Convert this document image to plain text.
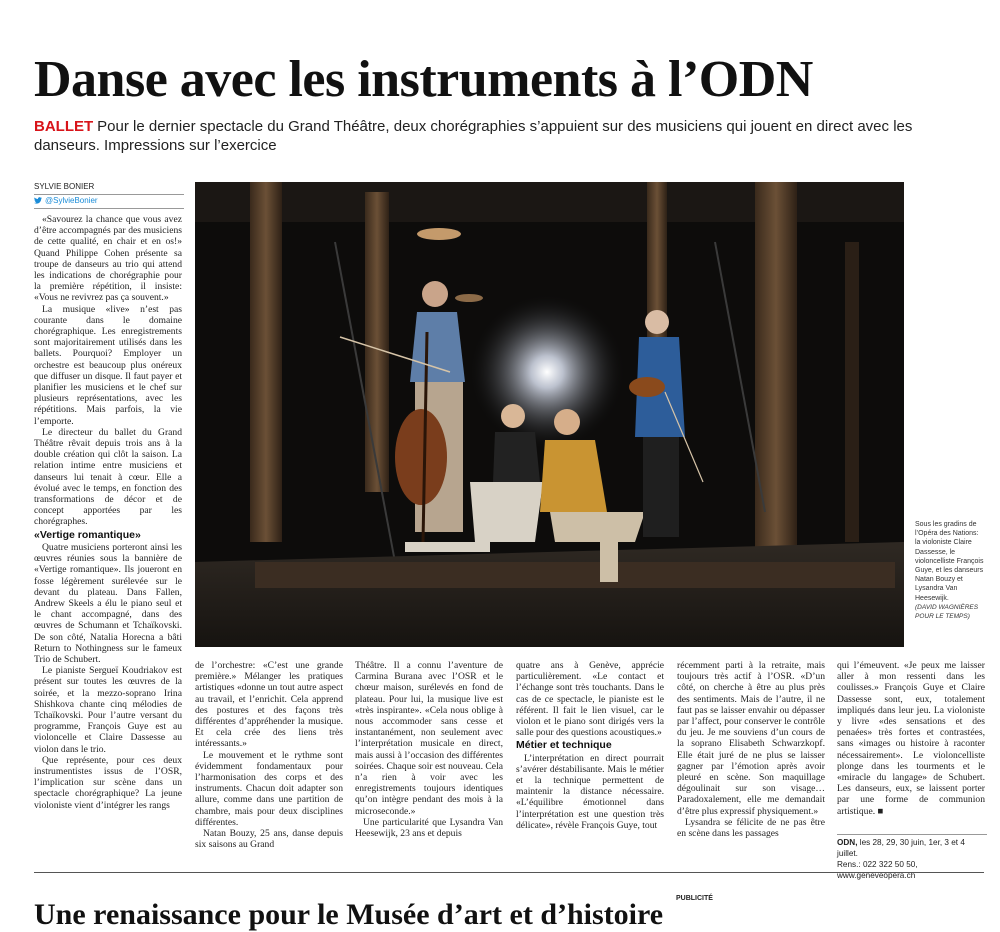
Danse avec les instruments à l’ODN
BALLET Pour le dernier spectacle du Grand Théâtre, deux chorégraphies s’appuient sur des musiciens qui jouent en direct avec les danseurs. Impressions sur l’exercice
SYLVIE BONIER
@SylvieBonier

«Savourez la chance que vous avez d’être accompagnés par des musiciens de cette qualité, en chair et en os!» Quand Philippe Cohen présente sa troupe de danseurs au trio qui attend les indications de chorégraphie pour la première répétition, il insiste: «Vous ne revivrez pas ça souvent.»

La musique «live» n’est pas courante dans le domaine chorégraphique. Les enregistrements sont majoritairement utilisés dans les ballets. Pourquoi? Employer un orchestre est beaucoup plus onéreux que diffuser un disque. Il faut payer et planifier les musiciens et le chef sur plusieurs représentations, avec les répétitions. Mais parfois, la vie l’emporte.

Le directeur du ballet du Grand Théâtre rêvait depuis trois ans à la double création qui clôt la saison. La relation intime entre musiciens et danseurs lui tenait à cœur. Elle a évolué avec le temps, en fonction des transformations de décor et de concept apportées par les chorégraphes.

«Vertige romantique»

Quatre musiciens porteront ainsi les œuvres réunies sous la bannière de «Vertige romantique». Ils joueront en fosse légèrement surélevée sur le devant du plateau. Dans Fallen, Andrew Skeels a élu le piano seul et le chant accompagné, dans des œuvres de Schumann et Tchaïkovski. De son côté, Natalia Horecna a bâti Return to Nothingness sur le fameux Trio de Schubert.

Le pianiste Sergueï Koudriakov est présent sur toutes les œuvres de la soirée, et la mezzo-soprano Irina Shishkova chante cinq mélodies de Tchaïkovski. Pour l’autre versant du programme, François Guye est au violoncelle et Claire Dassesse au violon dans le trio.

Que représente, pour ces deux instrumentistes issus de l’OSR, l’implication sur scène dans un spectacle chorégraphique? La jeune violoniste vient d’intégrer les rangs

Sous les gradins de l’Opéra des Nations: la violoniste Claire Dassesse, le violoncelliste François Guye, et les danseurs Natan Bouzy et Lysandra Van Heesewijk.
(DAVID WAGNIÈRES POUR LE TEMPS)

de l’orchestre: «C’est une grande première.» Mélanger les pratiques artistiques «donne un tout autre aspect au travail, et l’enrichit. Cela apprend des postures et des façons très différentes d’appréhender la musique. Et cela crée des liens très intéressants.»

Le mouvement et le rythme sont évidemment fondamentaux pour l’harmonisation des corps et des instruments. Chacun doit adapter son allure, comme dans une partition de chambre, mais pour deux disciplines différentes.

Natan Bouzy, 25 ans, danse depuis six saisons au Grand

Théâtre. Il a connu l’aventure de Carmina Burana avec l’OSR et le chœur maison, surélevés en fond de plateau. Pour lui, la musique live est «très inspirante». «Cela nous oblige à nous accommoder sans cesse et instantanément, non seulement avec l’interprétation musicale en direct, mais aussi à l’occasion des différentes soirées. Chaque soir est nouveau. Cela n’a rien à voir avec les enregistrements toujours identiques qu’on intègre pendant des mois à la microseconde.»

Une particularité que Lysandra Van Heesewijk, 23 ans et depuis

quatre ans à Genève, apprécie particulièrement. «Le contact et l’échange sont très touchants. Dans le cas de ce spectacle, le pianiste est le référent. Il fait le lien visuel, car le violon et le piano sont dirigés vers la salle pour des questions acoustiques.»

Métier et technique

L’interprétation en direct pourrait s’avérer déstabilisante. Mais le métier et la technique permettent de maintenir la distance nécessaire. «L’équilibre émotionnel dans l’interprétation est une question très délicate», révèle François Guye, tout

récemment parti à la retraite, mais toujours très actif à l’OSR. «D’un côté, on cherche à être au plus près des sentiments. Mais de l’autre, il ne faut pas se laisser envahir ou dépasser par l’affect, pour conserver le contrôle du jeu. Je me souviens d’un cours de la soprano Elisabeth Schwarzkopf. Elle était juré de ne plus se laisser gagner par l’émotion après avoir pleuré en scène. Son maquillage dégoulinait sur son visage… Paradoxalement, elle me demandait d’être plus expressif physiquement.»

Lysandra se félicite de ne pas être en scène dans les passages

qui l’émeuvent. «Je peux me laisser aller à mon ressenti dans les coulisses.» François Guye et Claire Dassesse sont, eux, totalement impliqués dans leur jeu. La violoniste y livre «des sensations et des penaées» très fortes et contrastées, sans «images ou histoire à raconter nécessairement». Le violoncelliste plonge dans les tourments et le «miracle du langage» de Schubert. Les danseurs, eux, se laissent porter par une forme de communion artistique. ■

ODN, les 28, 29, 30 juin, 1er, 3 et 4 juillet.
Rens.: 022 322 50 50, www.geneveopera.ch
PUBLICITÉ
Une renaissance pour le Musée d’art et d’histoire
